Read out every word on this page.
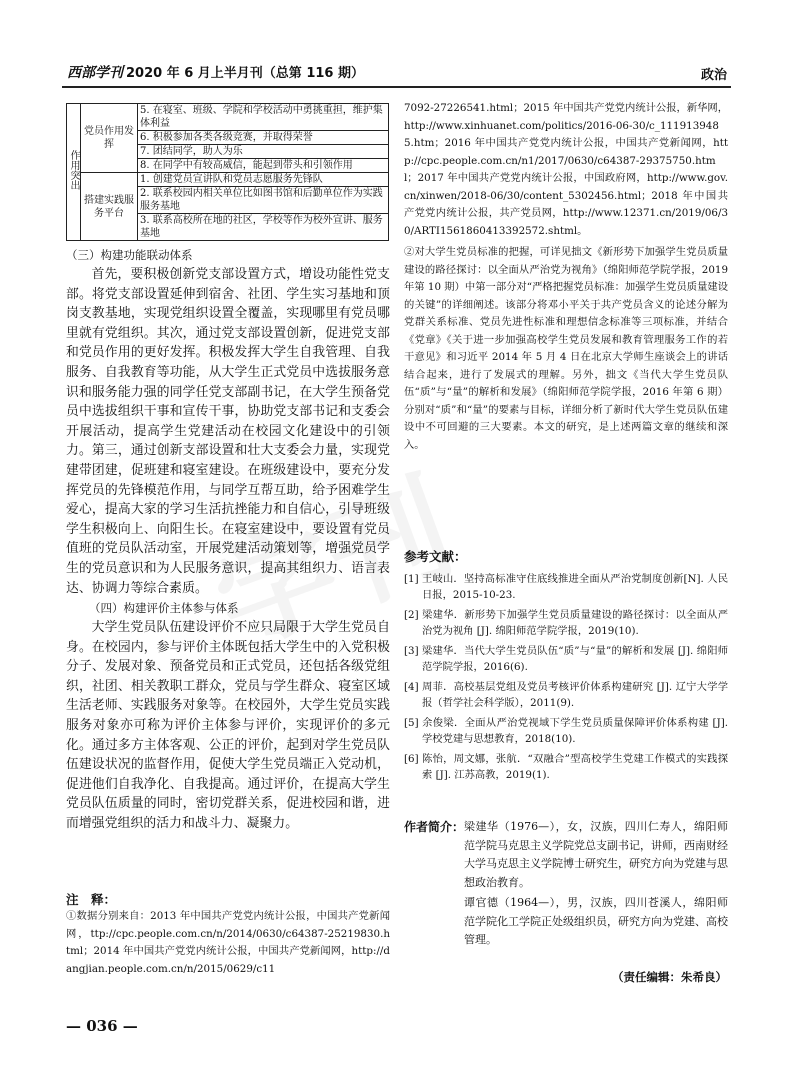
西部学刊 2020 年 6 月上半月刊（总第 116 期）	政治
作用突出	党员作用发挥	5. 在寝室、班级、学院和学校活动中勇挑重担，维护集体利益
		6. 积极参加各类各级竞赛，并取得荣誉
		7. 团结同学，助人为乐
		8. 在同学中有较高威信，能起到带头和引领作用
	搭建实践服务平台	1. 创建党员宣讲队和党员志愿服务先锋队
		2. 联系校园内相关单位比如图书馆和后勤单位作为实践服务基地
		3. 联系高校所在地的社区，学校等作为校外宣讲、服务基地
（三）构建功能联动体系

首先，要积极创新党支部设置方式，增设功能性党支部。将党支部设置延伸到宿舍、社团、学生实习基地和顶岗支教基地，实现党组织设置全覆盖，实现哪里有党员哪里就有党组织。其次，通过党支部设置创新，促进党支部和党员作用的更好发挥。积极发挥大学生自我管理、自我服务、自我教育等功能，从大学生正式党员中选拔服务意识和服务能力强的同学任党支部副书记，在大学生预备党员中选拔组织干事和宣传干事，协助党支部书记和支委会开展活动，提高学生党建活动在校园文化建设中的引领力。第三，通过创新支部设置和壮大支委会力量，实现党建带团建，促班建和寝室建设。在班级建设中，要充分发挥党员的先锋模范作用，与同学互帮互助，给予困难学生爱心，提高大家的学习生活抗挫能力和自信心，引导班级学生积极向上、向阳生长。在寝室建设中，要设置有党员值班的党员队活动室，开展党建活动策划等，增强党员学生的党员意识和为人民服务意识，提高其组织力、语言表达、协调力等综合素质。

（四）构建评价主体参与体系

大学生党员队伍建设评价不应只局限于大学生党员自身。在校园内，参与评价主体既包括大学生中的入党积极分子、发展对象、预备党员和正式党员，还包括各级党组织，社团、相关教职工群众，党员与学生群众、寝室区域生活老师、实践服务对象等。在校园外，大学生党员实践服务对象亦可称为评价主体参与评价，实现评价的多元化。通过多方主体客观、公正的评价，起到对学生党员队伍建设状况的监督作用，促使大学生党员端正入党动机，促进他们自我净化、自我提高。通过评价，在提高大学生党员队伍质量的同时，密切党群关系，促进校园和谐，进而增强党组织的活力和战斗力、凝聚力。

注　释：

①数据分别来自：2013 年中国共产党党内统计公报，中国共产党新闻网，ttp://cpc.people.com.cn/n/2014/0630/c64387-25219830.html；2014 年中国共产党党内统计公报，中国共产党新闻网，http://dangjian.people.com.cn/n/2015/0629/c11

7092-27226541.html；2015 年中国共产党党内统计公报，新华网，http://www.xinhuanet.com/politics/2016-06-30/c_1119139485.htm；2016 年中国共产党党内统计公报，中国共产党新闻网，http://cpc.people.com.cn/n1/2017/0630/c64387-29375750.html；2017 年中国共产党党内统计公报，中国政府网，http://www.gov.cn/xinwen/2018-06/30/content_5302456.html；2018 年中国共产党党内统计公报，共产党员网，http://www.12371.cn/2019/06/30/ARTI1561860413392572.shtml。

②对大学生党员标准的把握，可详见拙文《新形势下加强学生党员质量建设的路径探讨：以全面从严治党为视角》（绵阳师范学院学报，2019 年第 10 期）中第一部分对“严格把握党员标准：加强学生党员质量建设的关键”的详细阐述。该部分将邓小平关于共产党员含义的论述分解为党群关系标准、党员先进性标准和理想信念标准等三项标准，并结合《党章》《关于进一步加强高校学生党员发展和教育管理服务工作的若干意见》和习近平 2014 年 5 月 4 日在北京大学师生座谈会上的讲话结合起来，进行了发展式的理解。另外，拙文《当代大学生党员队伍“质”与“量”的解析和发展》（绵阳师范学院学报，2016 年第 6 期）分别对“质”和“量”的要素与目标，详细分析了新时代大学生党员队伍建设中不可回避的三大要素。本文的研究，是上述两篇文章的继续和深入。

参考文献：
[1] 王岐山．坚持高标准守住底线推进全面从严治党制度创新[N]. 人民日报，2015-10-23.
[2] 梁建华．新形势下加强学生党员质量建设的路径探讨：以全面从严治党为视角 [J]. 绵阳师范学院学报，2019(10).
[3] 梁建华．当代大学生党员队伍“质”与“量”的解析和发展 [J]. 绵阳师范学院学报，2016(6).
[4] 周菲．高校基层党组及党员考核评价体系构建研究 [J]. 辽宁大学学报（哲学社会科学版），2011(9).
[5] 余俊梁．全面从严治党视域下学生党员质量保障评价体系构建 [J]. 学校党建与思想教育，2018(10).
[6] 陈怡，周文娜，张航．“双融合”型高校学生党建工作模式的实践探索 [J]. 江苏高教，2019(1).
作者简介： 梁建华（1976—），女，汉族，四川仁寿人，绵阳师范学院马克思主义学院党总支副书记，讲师，西南财经大学马克思主义学院博士研究生，研究方向为党建与思想政治教育。
谭官德（1964—），男，汉族，四川苍溪人，绵阳师范学院化工学院正处级组织员，研究方向为党建、高校管理。
（责任编辑：朱希良）
— 036 —
